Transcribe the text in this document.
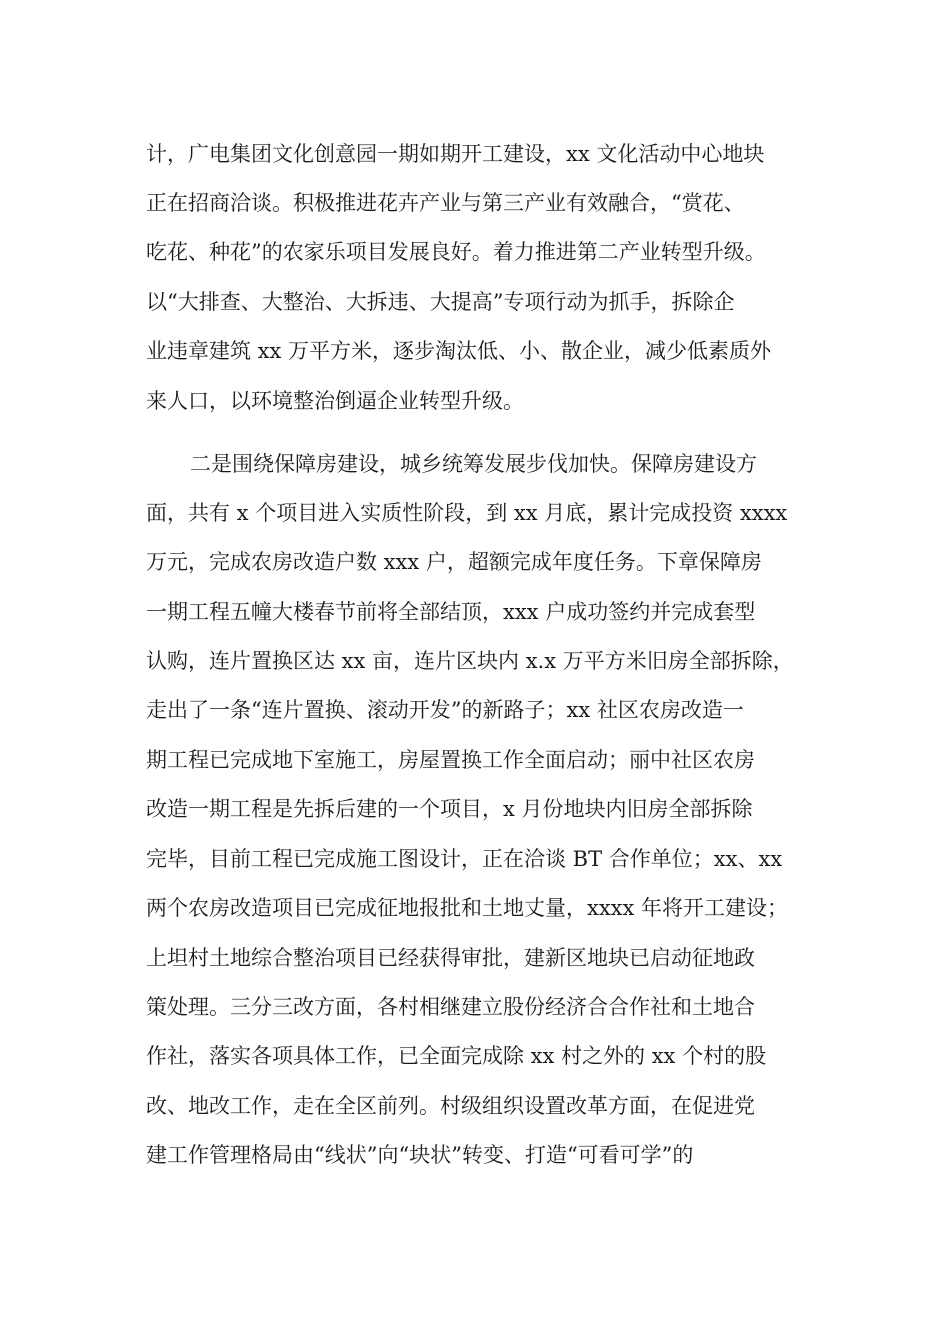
计，广电集团文化创意园一期如期开工建设，xx 文化活动中心地块
正在招商洽谈。积极推进花卉产业与第三产业有效融合，“赏花、
吃花、种花”的农家乐项目发展良好。着力推进第二产业转型升级。
以“大排查、大整治、大拆违、大提高”专项行动为抓手，拆除企
业违章建筑 xx 万平方米，逐步淘汰低、小、散企业，减少低素质外
来人口，以环境整治倒逼企业转型升级。
二是围绕保障房建设，城乡统筹发展步伐加快。保障房建设方
面，共有 x 个项目进入实质性阶段，到 xx 月底，累计完成投资 xxxx
万元，完成农房改造户数 xxx 户，超额完成年度任务。下章保障房
一期工程五幢大楼春节前将全部结顶，xxx 户成功签约并完成套型
认购，连片置换区达 xx 亩，连片区块内 x.x 万平方米旧房全部拆除，
走出了一条“连片置换、滚动开发”的新路子；xx 社区农房改造一
期工程已完成地下室施工，房屋置换工作全面启动；丽中社区农房
改造一期工程是先拆后建的一个项目，x 月份地块内旧房全部拆除
完毕，目前工程已完成施工图设计，正在洽谈 BT 合作单位；xx、xx
两个农房改造项目已完成征地报批和土地丈量，xxxx 年将开工建设；
上坦村土地综合整治项目已经获得审批，建新区地块已启动征地政
策处理。三分三改方面，各村相继建立股份经济合合作社和土地合
作社，落实各项具体工作，已全面完成除 xx 村之外的 xx 个村的股
改、地改工作，走在全区前列。村级组织设置改革方面，在促进党
建工作管理格局由“线状”向“块状”转变、打造“可看可学”的
